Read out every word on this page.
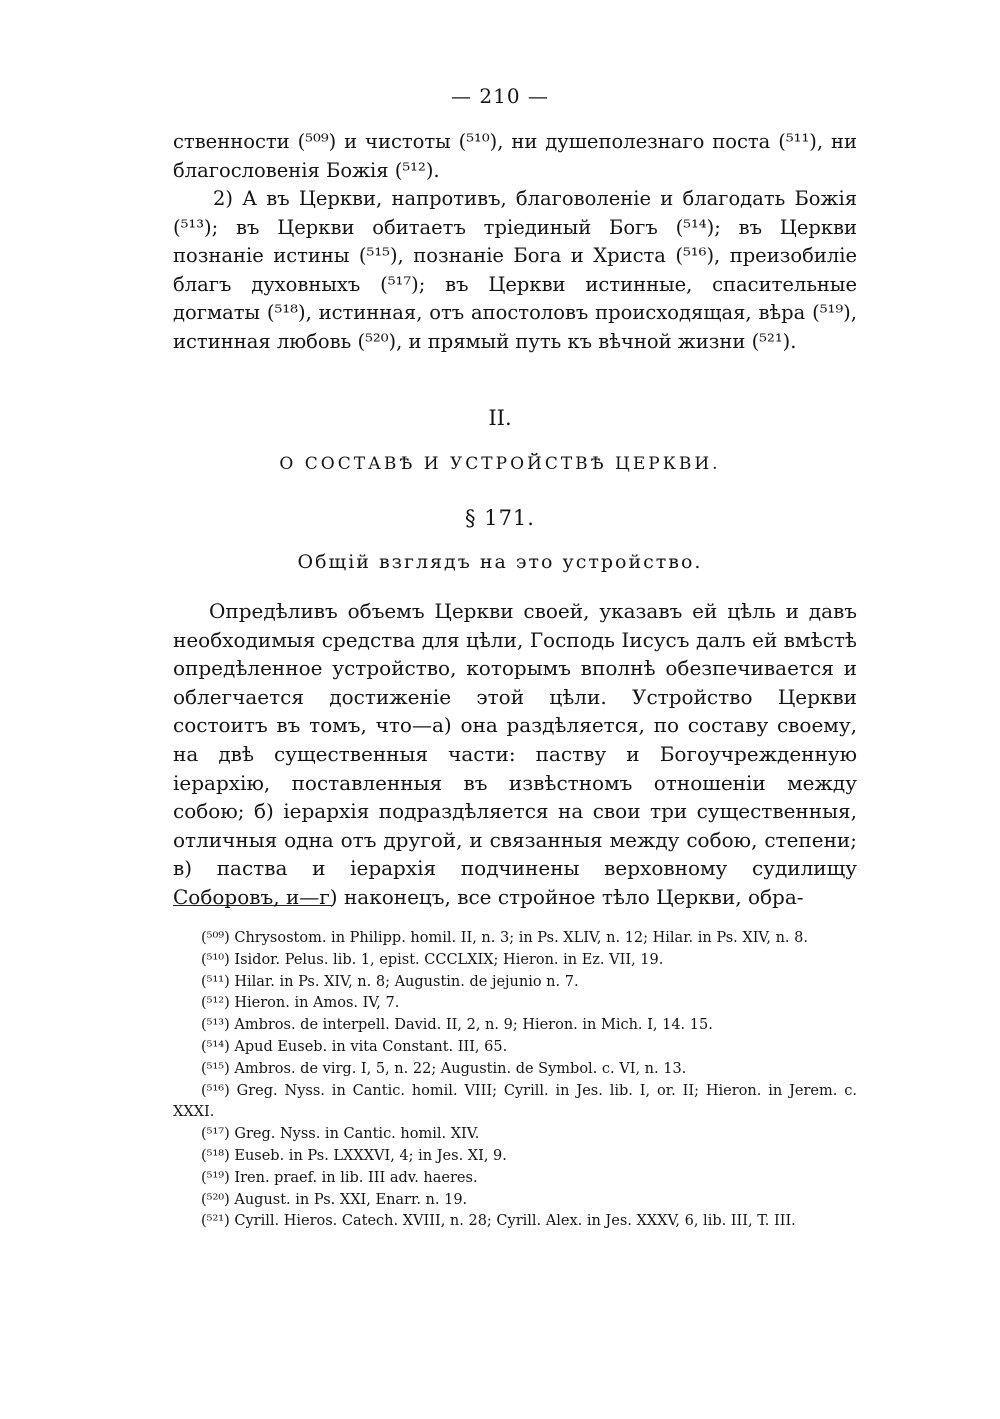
— 210 —

ственности (⁵⁰⁹) и чистоты (⁵¹⁰), ни душеполезнаго поста (⁵¹¹), ни благословенія Божія (⁵¹²).

2) А въ Церкви, напротивъ, благоволеніе и благодать Божія (⁵¹³); въ Церкви обитаетъ тріединый Богъ (⁵¹⁴); въ Церкви познаніе истины (⁵¹⁵), познаніе Бога и Христа (⁵¹⁶), преизобиліе благъ духовныхъ (⁵¹⁷); въ Церкви истинные, спасительные догматы (⁵¹⁸), истинная, отъ апостоловъ происходящая, вѣра (⁵¹⁹), истинная любовь (⁵²⁰), и прямый путь къ вѣчной жизни (⁵²¹).

II.

О СОСТАВѢ И УСТРОЙСТВѢ ЦЕРКВИ.

§ 171.

Общій взглядъ на это устройство.

Опредѣливъ объемъ Церкви своей, указавъ ей цѣль и давъ необходимыя средства для цѣли, Господь Іисусъ далъ ей вмѣстѣ опредѣленное устройство, которымъ вполнѣ обезпечивается и облегчается достиженіе этой цѣли. Устройство Церкви состоитъ въ томъ, что—а) она раздѣляется, по составу своему, на двѣ существенныя части: паству и Богоучрежденную іерархію, поставленныя въ извѣстномъ отношеніи между собою; б) іерархія подраздѣляется на свои три существенныя, отличныя одна отъ другой, и связанныя между собою, степени; в) паства и іерархія подчинены верховному судилищу Соборовъ, и—г) наконецъ, все стройное тѣло Церкви, обра-

(⁵⁰⁹) Chrysostom. in Philipp. homil. II, n. 3; in Ps. XLIV, n. 12; Hilar. in Ps. XIV, n. 8.

(⁵¹⁰) Isidor. Pelus. lib. 1, epist. CCCLXIX; Hieron. in Ez. VII, 19.

(⁵¹¹) Hilar. in Ps. XIV, n. 8; Augustin. de jejunio n. 7.

(⁵¹²) Hieron. in Amos. IV, 7.

(⁵¹³) Ambros. de interpell. David. II, 2, n. 9; Hieron. in Mich. I, 14. 15.

(⁵¹⁴) Apud Euseb. in vita Constant. III, 65.

(⁵¹⁵) Ambros. de virg. I, 5, n. 22; Augustin. de Symbol. c. VI, n. 13.

(⁵¹⁶) Greg. Nyss. in Cantic. homil. VIII; Cyrill. in Jes. lib. I, or. II; Hieron. in Jerem. c. XXXI.

(⁵¹⁷) Greg. Nyss. in Cantic. homil. XIV.

(⁵¹⁸) Euseb. in Ps. LXXXVI, 4; in Jes. XI, 9.

(⁵¹⁹) Iren. praef. in lib. III adv. haeres.

(⁵²⁰) August. in Ps. XXI, Enarr. n. 19.

(⁵²¹) Cyrill. Hieros. Catech. XVIII, n. 28; Cyrill. Alex. in Jes. XXXV, 6, lib. III, T. III.
